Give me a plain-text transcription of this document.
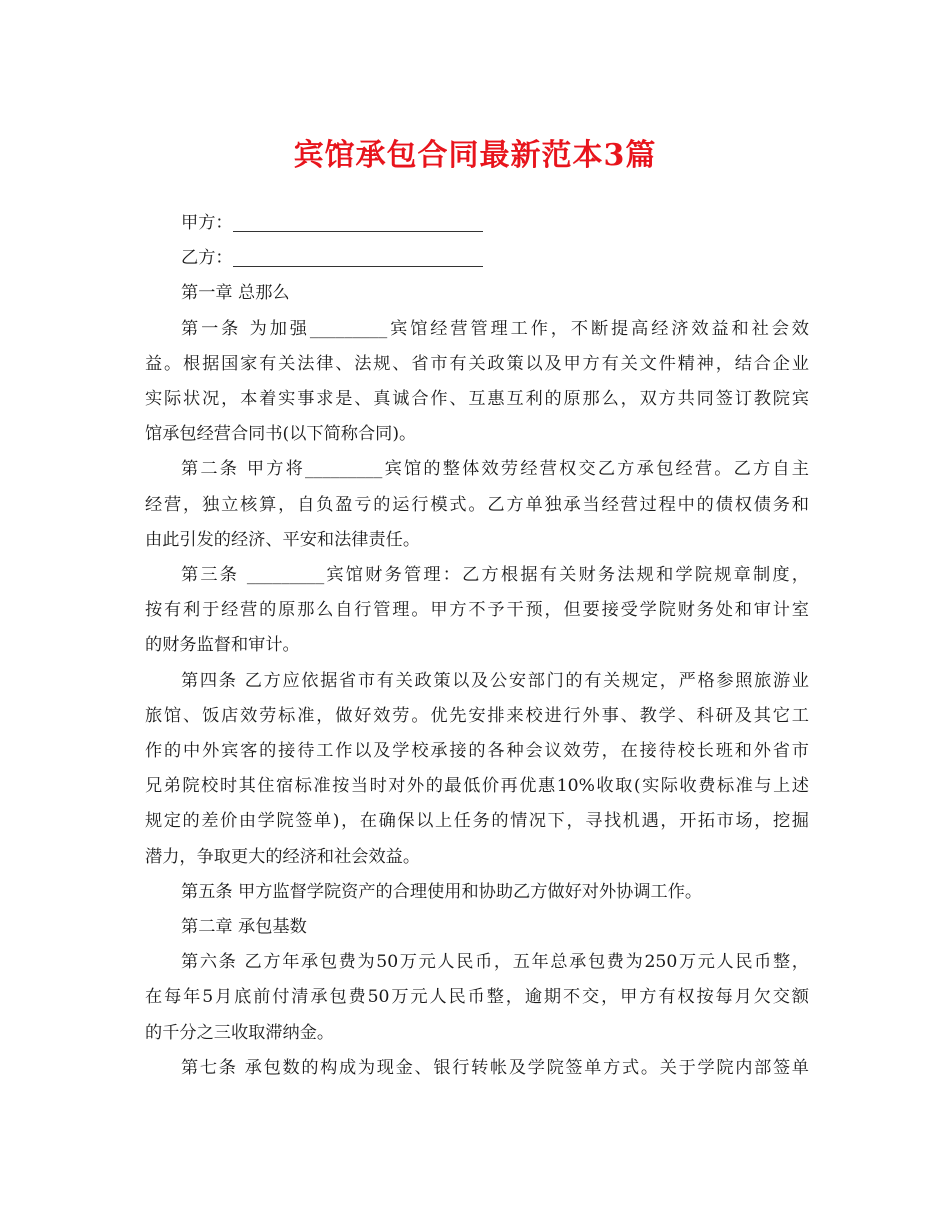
宾馆承包合同最新范本3篇

甲方：

乙方：

第一章 总那么

第一条 为加强_________宾馆经营管理工作，不断提高经济效益和社会效
益。根据国家有关法律、法规、省市有关政策以及甲方有关文件精神，结合企业
实际状况，本着实事求是、真诚合作、互惠互利的原那么，双方共同签订教院宾
馆承包经营合同书(以下简称合同)。
第二条 甲方将_________宾馆的整体效劳经营权交乙方承包经营。乙方自主
经营，独立核算，自负盈亏的运行模式。乙方单独承当经营过程中的债权债务和
由此引发的经济、平安和法律责任。
第三条 _________宾馆财务管理：乙方根据有关财务法规和学院规章制度，
按有利于经营的原那么自行管理。甲方不予干预，但要接受学院财务处和审计室
的财务监督和审计。
第四条 乙方应依据省市有关政策以及公安部门的有关规定，严格参照旅游业
旅馆、饭店效劳标准，做好效劳。优先安排来校进行外事、教学、科研及其它工
作的中外宾客的接待工作以及学校承接的各种会议效劳，在接待校长班和外省市
兄弟院校时其住宿标准按当时对外的最低价再优惠10%收取(实际收费标准与上述
规定的差价由学院签单)，在确保以上任务的情况下，寻找机遇，开拓市场，挖掘
潜力，争取更大的经济和社会效益。
第五条 甲方监督学院资产的合理使用和协助乙方做好对外协调工作。

第二章 承包基数

第六条 乙方年承包费为50万元人民币，五年总承包费为250万元人民币整，
在每年5月底前付清承包费50万元人民币整，逾期不交，甲方有权按每月欠交额
的千分之三收取滞纳金。
第七条 承包数的构成为现金、银行转帐及学院签单方式。关于学院内部签单
